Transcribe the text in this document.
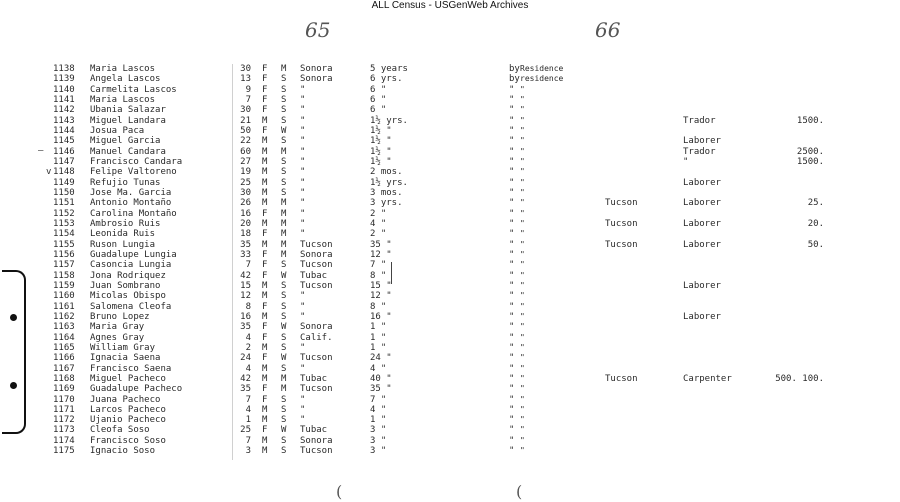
ALL Census - USGenWeb Archives
65	66
–
v
(	(
1138 Maria Lascos	30 F M Sonora	5 years	by Residence
1139 Angela Lascos	13 F S Sonora	6 yrs.	by residence
1140 Carmelita Lascos	9 F S "	6 "	" "
1141 Maria Lascos	7 F S "	6 "	" "
1142 Ubania Salazar	30 F S "	6 "	" "
1143 Miguel Landara	21 M S "	1½ yrs.	" "	Trador	1500.
1144 Josua Paca	50 F W "	1½ "	" "
1145 Miguel Garcia	22 M S "	1½ "	" "	Laborer
1146 Manuel Candara	60 M M "	1½ "	" "	Trador	2500.
1147 Francisco Candara	27 M S "	1½ "	" "	"	1500.
1148 Felipe Valtoreno	19 M S "	2 mos.	" "
1149 Refujio Tunas	25 M S "	1½ yrs.	" "	Laborer
1150 Jose Ma. Garcia	30 M S "	3 mos.	" "
1151 Antonio Montaño	26 M M "	3 yrs.	" "	Tucson	Laborer	25.
1152 Carolina Montaño	16 F M "	2 "	" "
1153 Ambrosio Ruis	20 M M "	4 "	" "	Tucson	Laborer	20.
1154 Leonida Ruis	18 F M "	2 "	" "
1155 Ruson Lungia	35 M M Tucson	35 "	" "	Tucson	Laborer	50.
1156 Guadalupe Lungia	33 F M Sonora	12 "	" "
1157 Casoncia Lungia	7 F S Tucson	7 "	" "
1158 Jona Rodriquez	42 F W Tubac	8 "	" "
1159 Juan Sombrano	15 M S Tucson	15 "	" "	Laborer
1160 Micolas Obispo	12 M S "	12 "	" "
1161 Salomena Cleofa	8 F S "	8 "	" "
1162 Bruno Lopez	16 M S "	16 "	" "	Laborer
1163 Maria Gray	35 F W Sonora	1 "	" "
1164 Agnes Gray	4 F S Calif.	1 "	" "
1165 William Gray	2 M S "	1 "	" "
1166 Ignacia Saena	24 F W Tucson	24 "	" "
1167 Francisco Saena	4 M S "	4 "	" "
1168 Miguel Pacheco	42 M M Tubac	40 "	" "	Tucson	Carpenter	500. 100.
1169 Guadalupe Pacheco	35 F M Tucson	35 "	" "
1170 Juana Pacheco	7 F S "	7 "	" "
1171 Larcos Pacheco	4 M S "	4 "	" "
1172 Ujanio Pacheco	1 M S "	1 "	" "
1173 Cleofa Soso	25 F W Tubac	3 "	" "
1174 Francisco Soso	7 M S Sonora	3 "	" "
1175 Ignacio Soso	3 M S Tucson	3 "	" "
